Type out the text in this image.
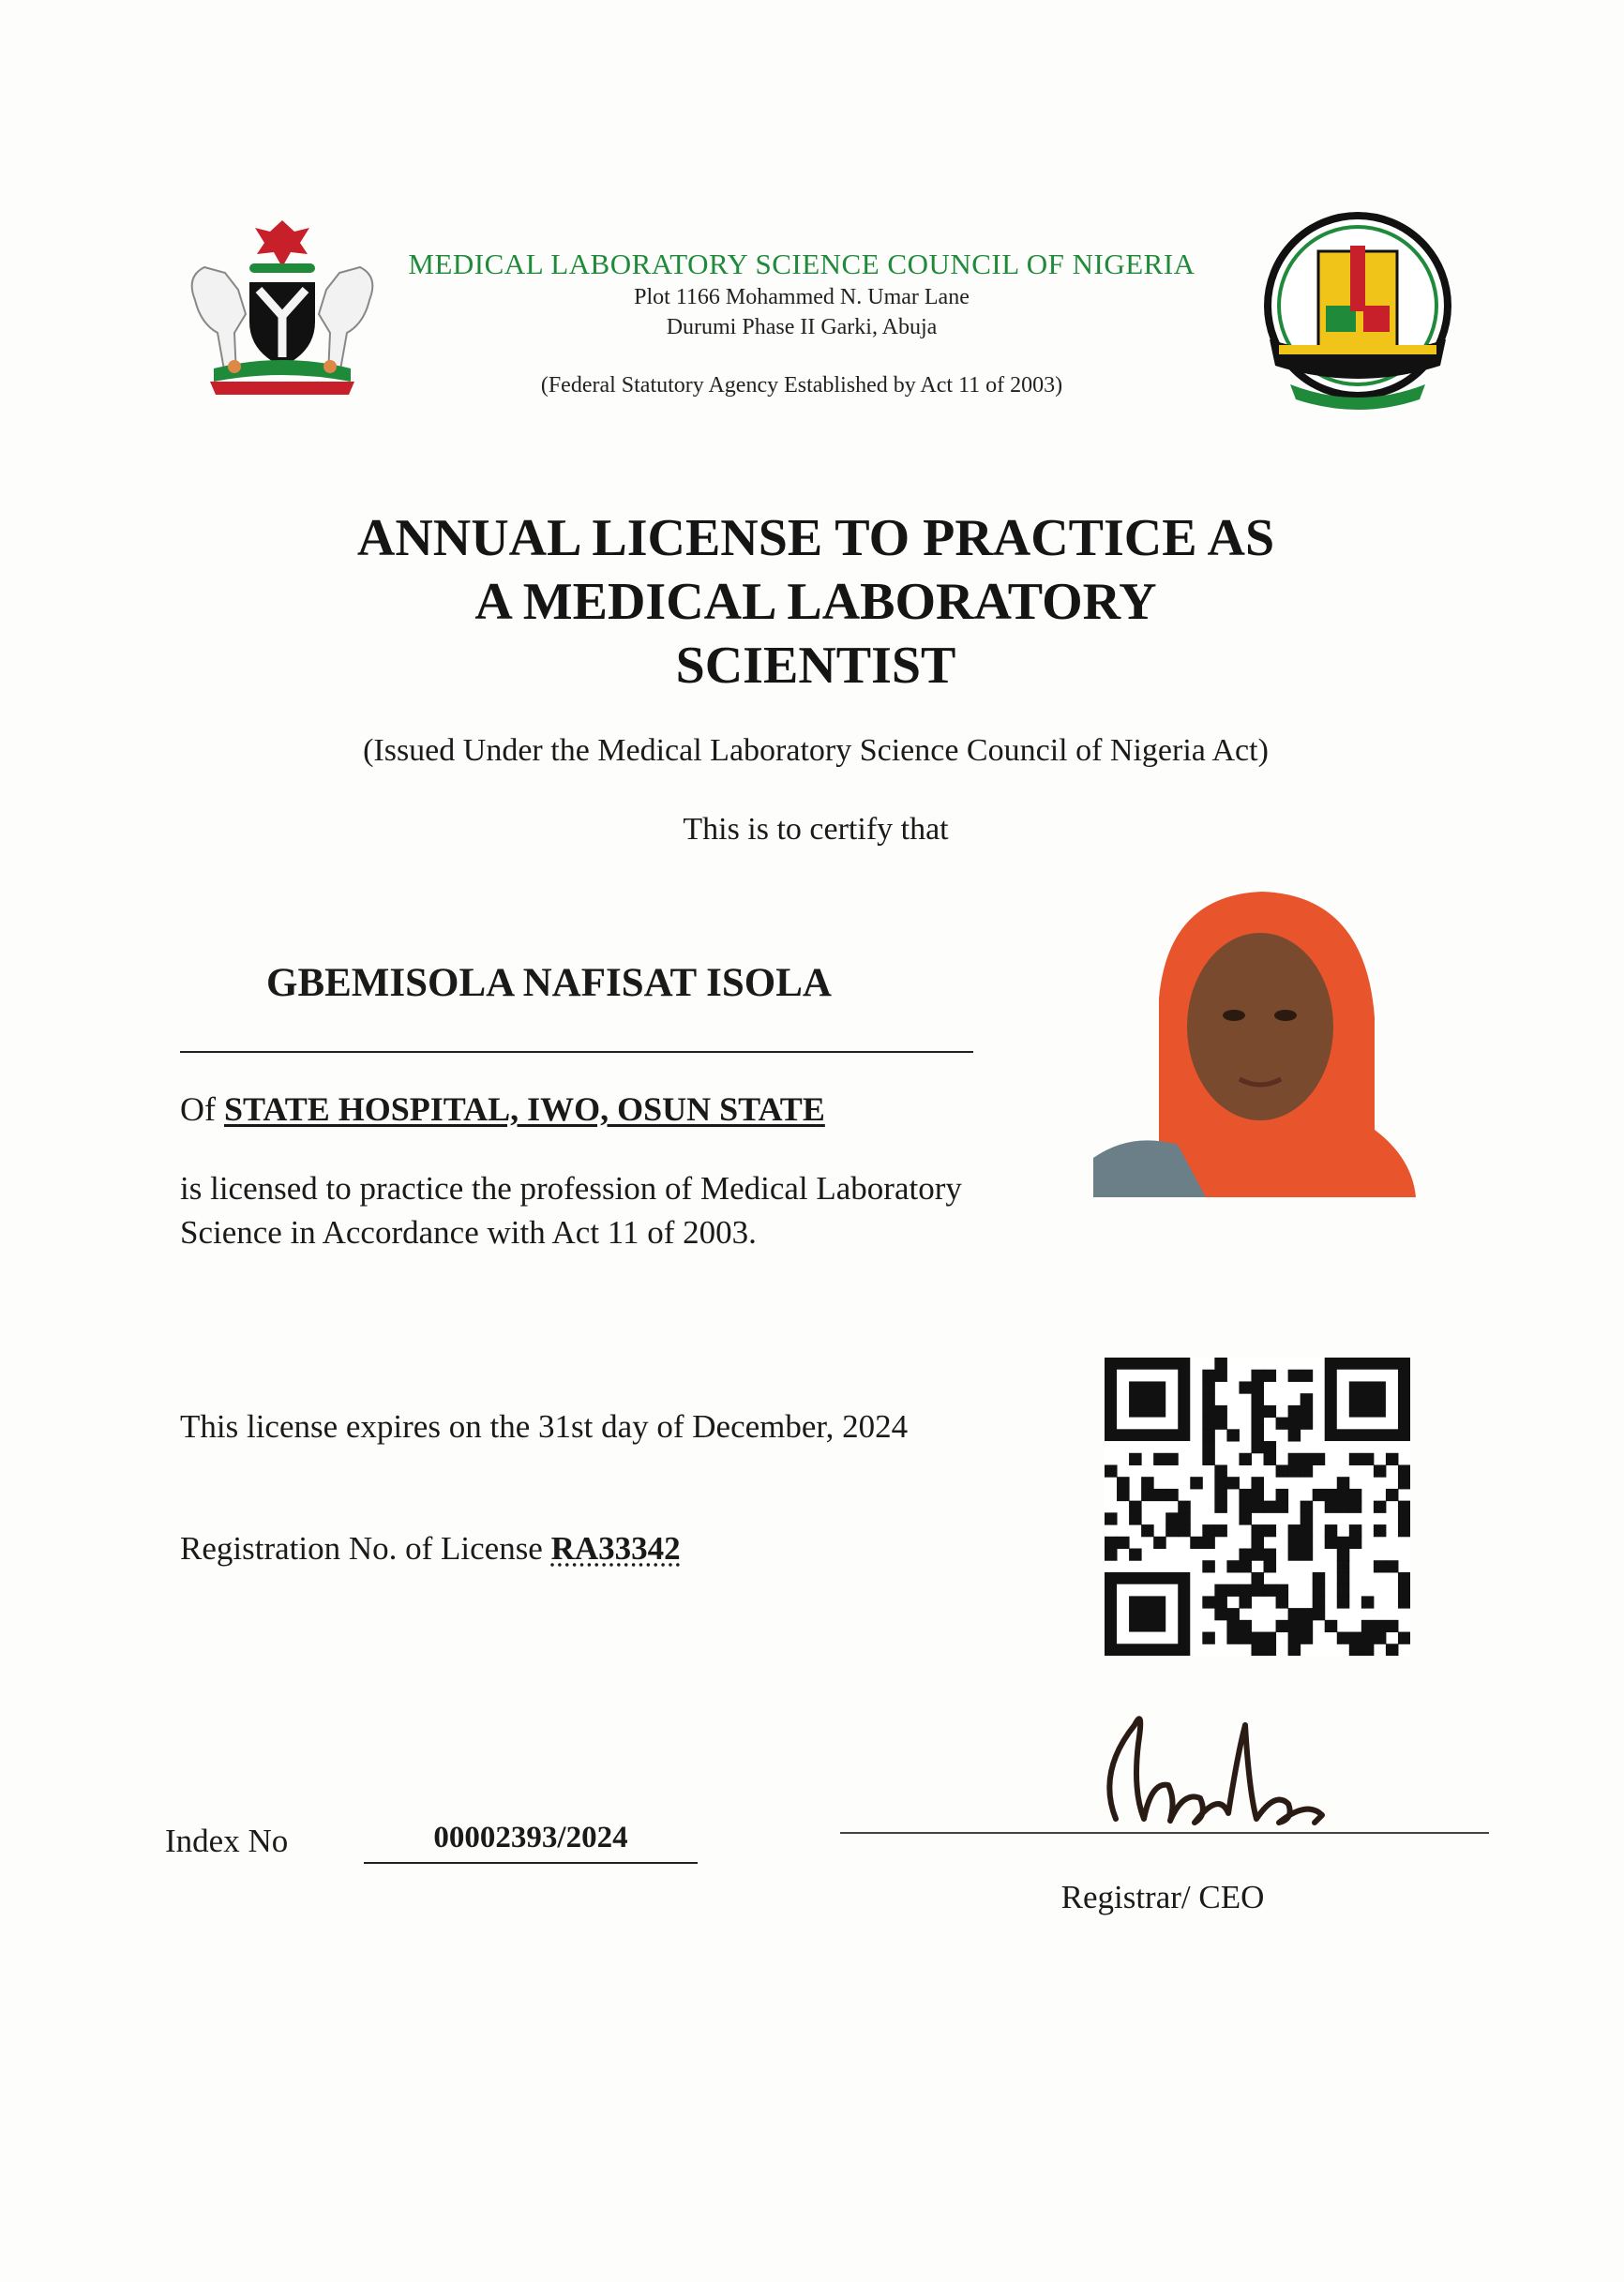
MEDICAL LABORATORY SCIENCE COUNCIL OF NIGERIA
Plot 1166 Mohammed N. Umar Lane
Durumi Phase II Garki, Abuja
(Federal Statutory Agency Established by Act 11 of 2003)
ANNUAL LICENSE TO PRACTICE AS
A MEDICAL LABORATORY
SCIENTIST
(Issued Under the Medical Laboratory Science Council of Nigeria Act)
This is to certify that
GBEMISOLA NAFISAT ISOLA
Of STATE HOSPITAL, IWO, OSUN STATE
is licensed to practice the profession of Medical Laboratory Science in Accordance with Act 11 of 2003.
This license expires on the 31st day of December, 2024
Registration No. of License RA33342
Index No	00002393/2024
Registrar/ CEO
